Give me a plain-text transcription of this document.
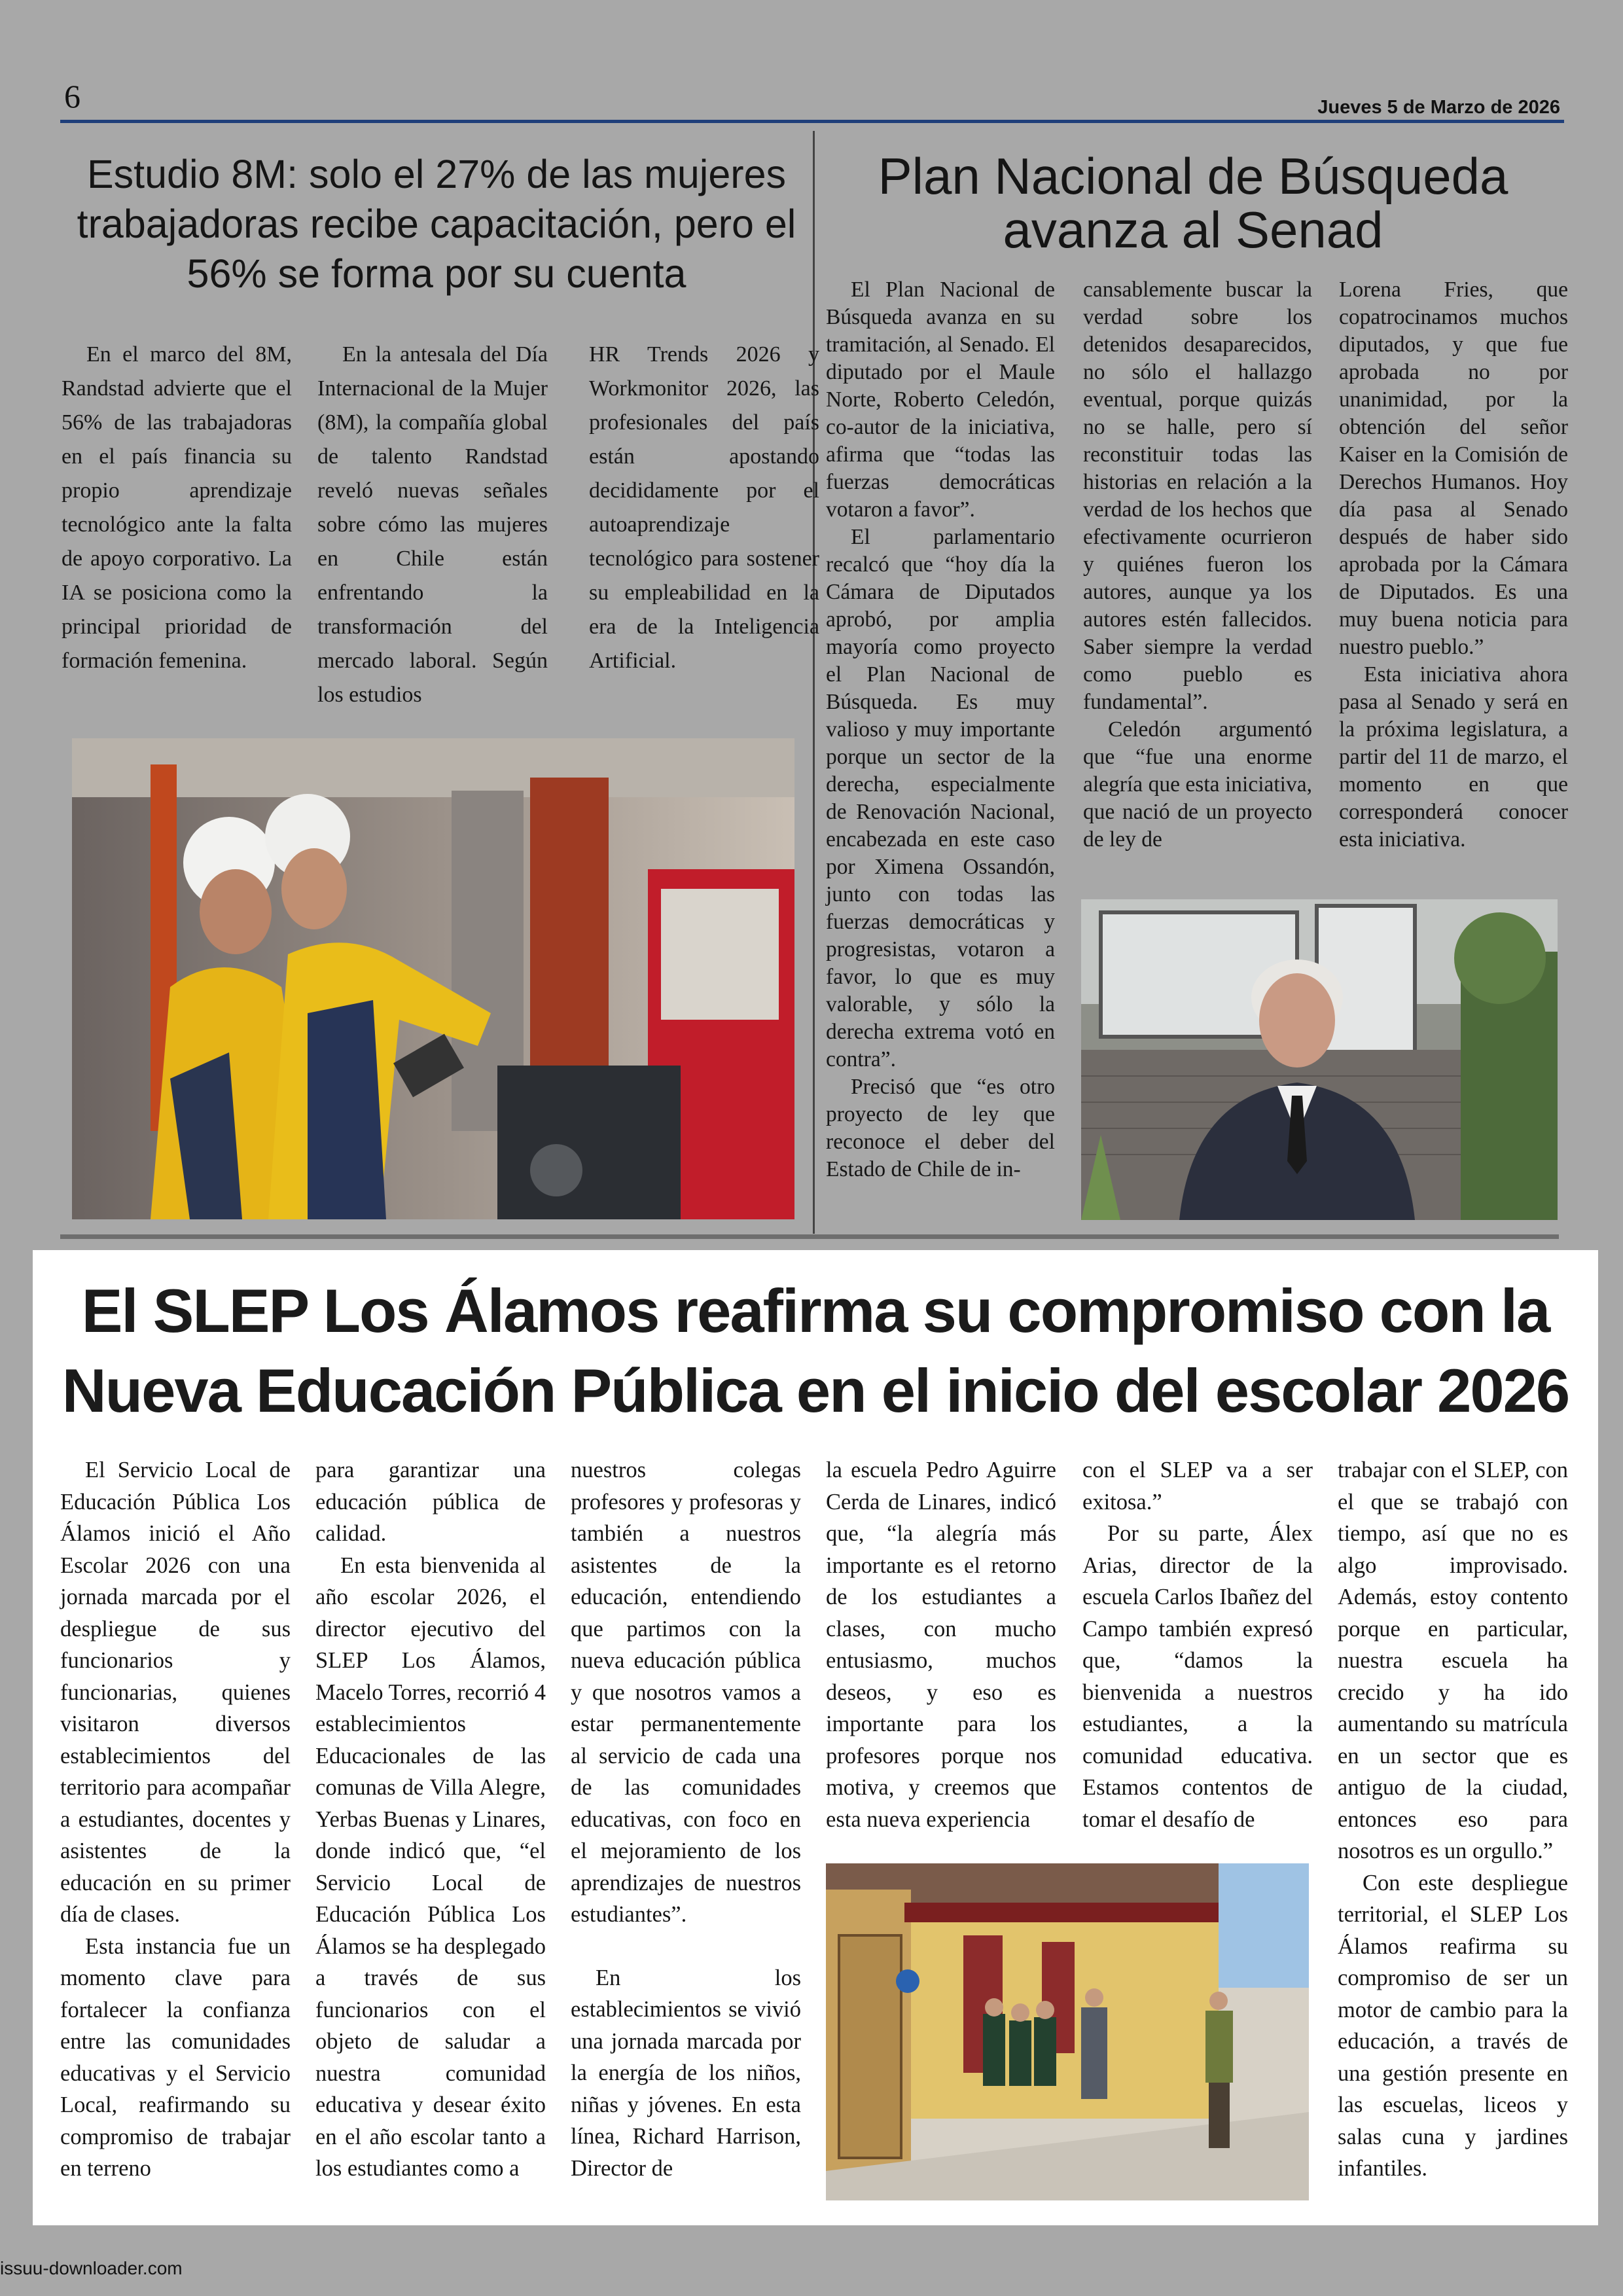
6	Jueves 5 de Marzo de 2026
Estudio 8M: solo el 27% de las mujeres trabajadoras recibe capacitación, pero el 56% se forma por su cuenta

En el marco del 8M, Randstad advierte que el 56% de las trabajadoras en el país financia su propio aprendizaje tecnológico ante la falta de apoyo corporativo. La IA se posiciona como la principal prioridad de formación femenina.

En la antesala del Día Internacional de la Mujer (8M), la compañía global de talento Randstad reveló nuevas señales sobre cómo las mujeres en Chile están enfrentando la transformación del mercado laboral. Según los estudios

HR Trends 2026 y Workmonitor 2026, las profesionales del país están apostando decididamente por el autoaprendizaje tecnológico para sostener su empleabilidad en la era de la Inteligencia Artificial.

Plan Nacional de Búsqueda avanza al Senad

El Plan Nacional de Búsqueda avanza en su tramitación, al Senado. El diputado por el Maule Norte, Roberto Celedón, co-autor de la iniciativa, afirma que “todas las fuerzas democráticas votaron a favor”.

El parlamentario recalcó que “hoy día la Cámara de Diputados aprobó, por amplia mayoría como proyecto el Plan Nacional de Búsqueda. Es muy valioso y muy importante porque un sector de la derecha, especialmente de Renovación Nacional, encabezada en este caso por Ximena Ossandón, junto con todas las fuerzas democráticas y progresistas, votaron a favor, lo que es muy valorable, y sólo la derecha extrema votó en contra”.

Precisó que “es otro proyecto de ley que reconoce el deber del Estado de Chile de in-

cansablemente buscar la verdad sobre los detenidos desaparecidos, no sólo el hallazgo eventual, porque quizás no se halle, pero sí reconstituir todas las historias en relación a la verdad de los hechos que efectivamente ocurrieron y quiénes fueron los autores, aunque ya los autores estén fallecidos. Saber siempre la verdad como pueblo es fundamental”.

Celedón argumentó que “fue una enorme alegría que esta iniciativa, que nació de un proyecto de ley de

Lorena Fries, que copatrocinamos muchos diputados, y que fue aprobada no por unanimidad, por la obtención del señor Kaiser en la Comisión de Derechos Humanos. Hoy día pasa al Senado después de haber sido aprobada por la Cámara de Diputados. Es una muy buena noticia para nuestro pueblo.”

Esta iniciativa ahora pasa al Senado y será en la próxima legislatura, a partir del 11 de marzo, el momento en que corresponderá conocer esta iniciativa.

El SLEP Los Álamos reafirma su compromiso con la
Nueva Educación Pública en el inicio del escolar 2026

El Servicio Local de Educación Pública Los Álamos inició el Año Escolar 2026 con una jornada marcada por el despliegue de sus funcionarios y funcionarias, quienes visitaron diversos establecimientos del territorio para acompañar a estudiantes, docentes y asistentes de la educación en su primer día de clases.

Esta instancia fue un momento clave para fortalecer la confianza entre las comunidades educativas y el Servicio Local, reafirmando su compromiso de trabajar en terreno

para garantizar una educación pública de calidad.

En esta bienvenida al año escolar 2026, el director ejecutivo del SLEP Los Álamos, Macelo Torres, recorrió 4 establecimientos Educacionales de las comunas de Villa Alegre, Yerbas Buenas y Linares, donde indicó que, “el Servicio Local de Educación Pública Los Álamos se ha desplegado a través de sus funcionarios con el objeto de saludar a nuestra comunidad educativa y desear éxito en el año escolar tanto a los estudiantes como a

nuestros colegas profesores y profesoras y también a nuestros asistentes de la educación, entendiendo que partimos con la nueva educación pública y que nosotros vamos a estar permanentemente al servicio de cada una de las comunidades educativas, con foco en el mejoramiento de los aprendizajes de nuestros estudiantes”.

En los establecimientos se vivió una jornada marcada por la energía de los niños, niñas y jóvenes. En esta línea, Richard Harrison, Director de

la escuela Pedro Aguirre Cerda de Linares, indicó que, “la alegría más importante es el retorno de los estudiantes a clases, con mucho entusiasmo, muchos deseos, y eso es importante para los profesores porque nos motiva, y creemos que esta nueva experiencia

con el SLEP va a ser exitosa.”

Por su parte, Álex Arias, director de la escuela Carlos Ibañez del Campo también expresó que, “damos la bienvenida a nuestros estudiantes, a la comunidad educativa. Estamos contentos de tomar el desafío de

trabajar con el SLEP, con el que se trabajó con tiempo, así que no es algo improvisado. Además, estoy contento porque en particular, nuestra escuela ha crecido y ha ido aumentando su matrícula en un sector que es antiguo de la ciudad, entonces eso para nosotros es un orgullo.”

Con este despliegue territorial, el SLEP Los Álamos reafirma su compromiso de ser un motor de cambio para la educación, a través de una gestión presente en las escuelas, liceos y salas cuna y jardines infantiles.

issuu-downloader.com
